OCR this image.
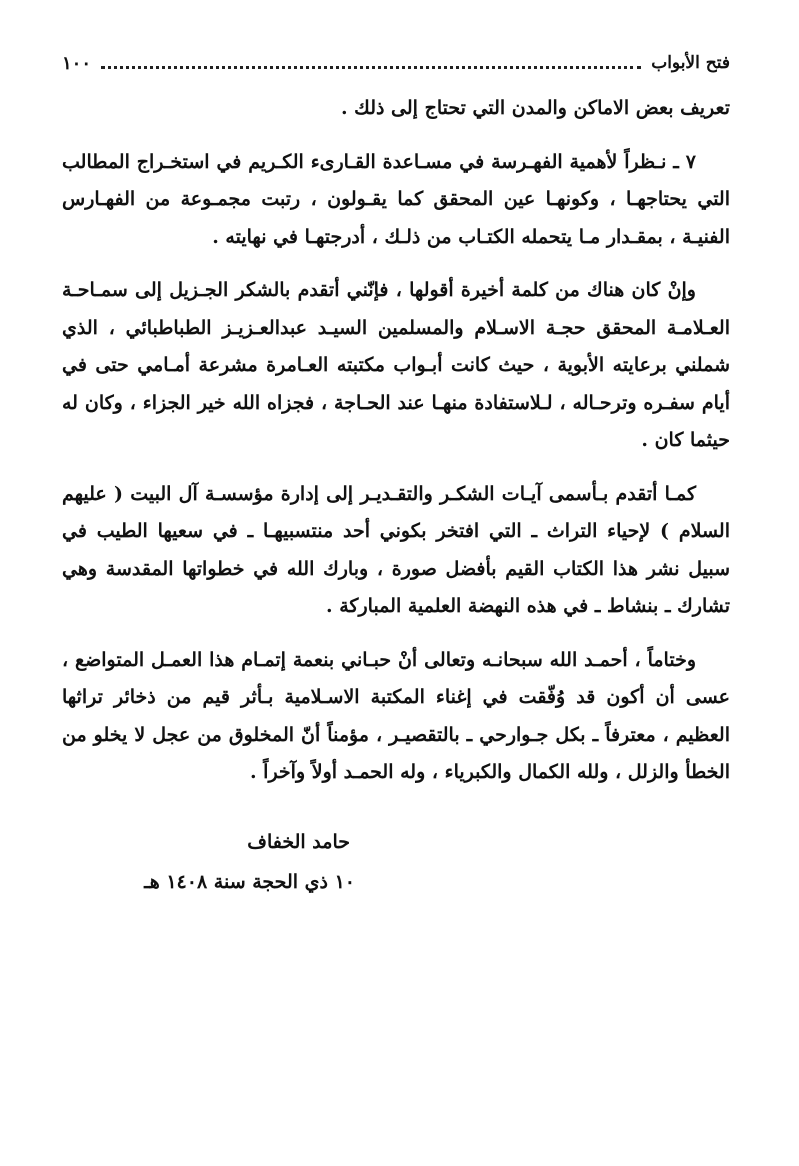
فتح الأبواب
١٠٠

تعريف بعض الاماكن والمدن التي تحتاج إلى ذلك .

٧ ـ نـظراً لأهمية الفهـرسة في مسـاعدة القـارىء الكـريم في استخـراج المطالب التي يحتاجهـا ، وكونهـا عين المحقق كما يقـولون ، رتبت مجمـوعة من الفهـارس الفنيـة ، بمقـدار مـا يتحمله الكتـاب من ذلـك ، أدرجتهـا في نهايته .

وإنْ كان هناك من كلمة أخيرة أقولها ، فإنّني أتقدم بالشكر الجـزيل إلى سمـاحـة العـلامـة المحقق حجـة الاسـلام والمسلمين السيـد عبدالعـزيـز الطباطبائي ، الذي شملني برعايته الأبوية ، حيث كانت أبـواب مكتبته العـامرة مشرعة أمـامي حتى في أيام سفـره وترحـاله ، لـلاستفادة منهـا عند الحـاجة ، فجزاه الله خير الجزاء ، وكان له حيثما كان .

كمـا أتقدم بـأسمى آيـات الشكـر والتقـديـر إلى إدارة مؤسسـة آل البيت ( عليهم السلام ) لإحياء التراث ـ التي افتخر بكوني أحد منتسبيهـا ـ في سعيها الطيب في سبيل نشر هذا الكتاب القيم بأفضل صورة ، وبارك الله في خطواتها المقدسة وهي تشارك ـ بنشاط ـ في هذه النهضة العلمية المباركة .

وختاماً ، أحمـد الله سبحانـه وتعالى أنْ حبـاني بنعمة إتمـام هذا العمـل المتواضع ، عسى أن أكون قد وُفّقت في إغناء المكتبة الاسـلامية بـأثر قيم من ذخائر تراثها العظيم ، معترفاً ـ بكل جـوارحي ـ بالتقصيـر ، مؤمناً أنّ المخلوق من عجل لا يخلو من الخطأ والزلل ، ولله الكمال والكبرياء ، وله الحمـد أولاً وآخراً .

حامد الخفاف
١٠ ذي الحجة سنة ١٤٠٨ هـ
